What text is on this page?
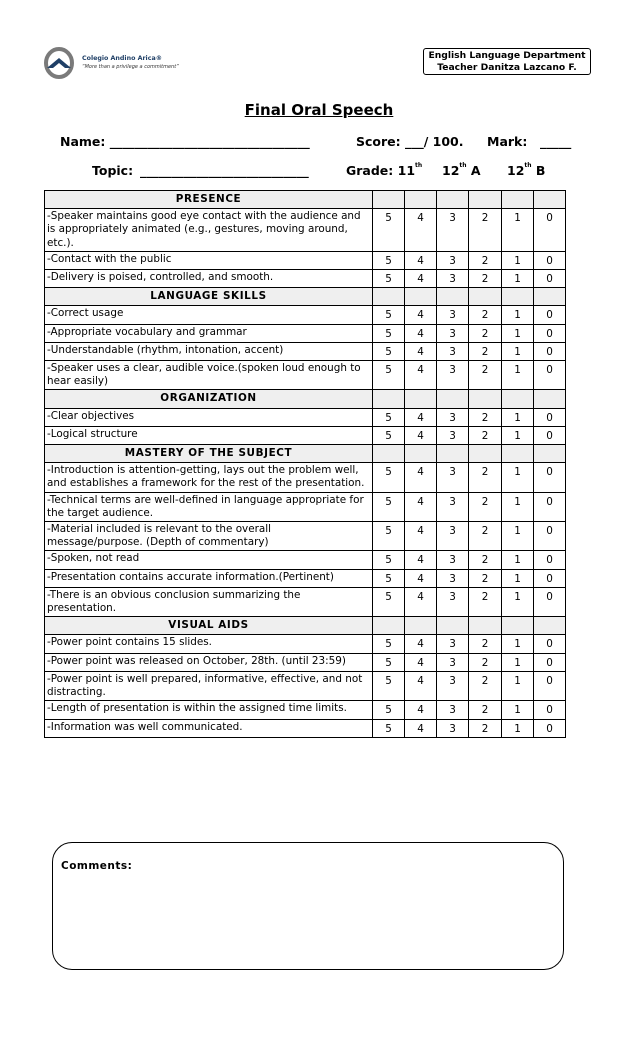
Colegio Andino Arica®
“More than a privilege a commitment”
English Language Department
Teacher Danitza Lazcano F.
Final Oral Speech
Name: ________________________________	Score: ___/ 100. Mark: _____
Topic: ___________________________	Grade: 11th 12th A 12th B
PRESENCE						
-Speaker maintains good eye contact with the audience and is appropriately animated (e.g., gestures, moving around, etc.).	5	4	3	2	1	0
-Contact with the public	5	4	3	2	1	0
-Delivery is poised, controlled, and smooth.	5	4	3	2	1	0
LANGUAGE SKILLS						
-Correct usage	5	4	3	2	1	0
-Appropriate vocabulary and grammar	5	4	3	2	1	0
-Understandable (rhythm, intonation, accent)	5	4	3	2	1	0
-Speaker uses a clear, audible voice.(spoken loud enough to hear easily)	5	4	3	2	1	0
ORGANIZATION						
-Clear objectives	5	4	3	2	1	0
-Logical structure	5	4	3	2	1	0
MASTERY OF THE SUBJECT						
-Introduction is attention-getting, lays out the problem well, and establishes a framework for the rest of the presentation.	5	4	3	2	1	0
-Technical terms are well-defined in language appropriate for the target audience.	5	4	3	2	1	0
-Material included is relevant to the overall message/purpose. (Depth of commentary)	5	4	3	2	1	0
-Spoken, not read	5	4	3	2	1	0
-Presentation contains accurate information.(Pertinent)	5	4	3	2	1	0
-There is an obvious conclusion summarizing the presentation.	5	4	3	2	1	0
VISUAL AIDS						
-Power point contains 15 slides.	5	4	3	2	1	0
-Power point was released on October, 28th. (until 23:59)	5	4	3	2	1	0
-Power point is well prepared, informative, effective, and not distracting.	5	4	3	2	1	0
-Length of presentation is within the assigned time limits.	5	4	3	2	1	0
-Information was well communicated.	5	4	3	2	1	0
Comments:
